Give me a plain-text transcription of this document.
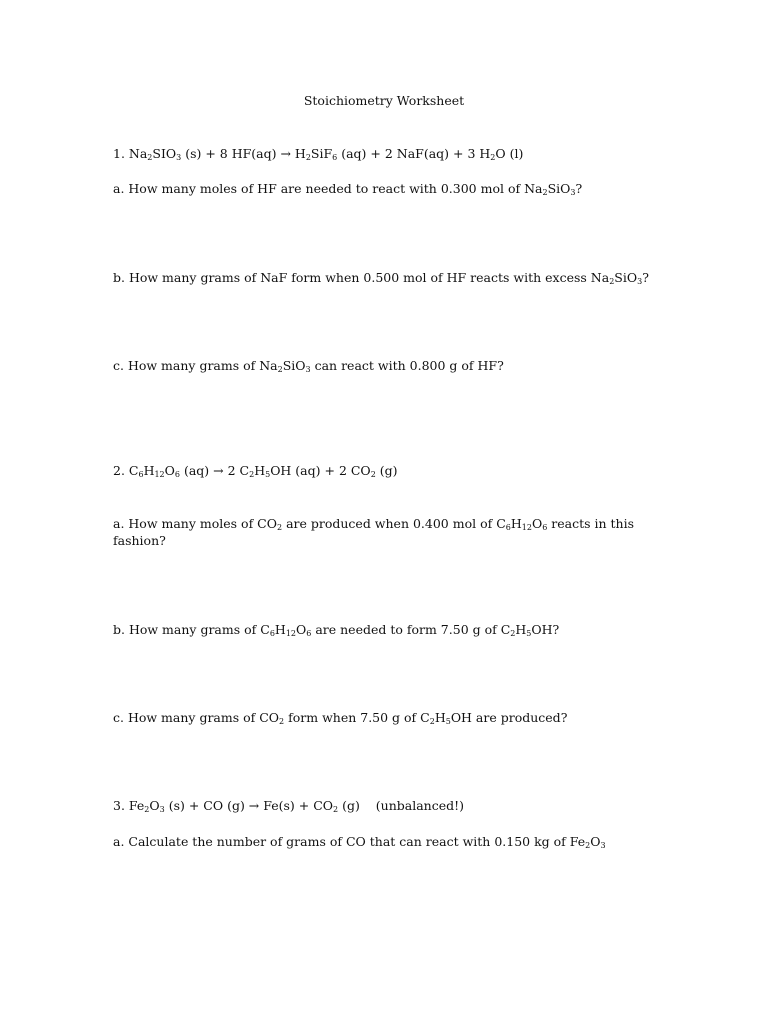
Stoichiometry Worksheet
1. $Na_2SIO_3$ (s) + 8 $HF(aq) \to H_2SiF_6$ (aq) + 2 NaF(aq) + 3 $H_2O$ (l)
a. How many moles of HF are needed to react with 0.300 mol of $Na_2SiO_3$?
b. How many grams of NaF form when 0.500 mol of HF reacts with excess $Na_2SiO_3$?
c. How many grams of $Na_2SiO_3$ can react with 0.800 g of HF?
2. $C_6H_{12}O_6$ (aq) → 2 $C_2H_5OH$ (aq) + 2 $CO_2$ (g)
a. How many moles of $CO_2$ are produced when 0.400 mol of $C_6H_{12}O_6$ reacts in this fashion?
b. How many grams of $C_6H_{12}O_6$ are needed to form 7.50 g of $C_2H_5OH$?
c. How many grams of $CO_2$ form when 7.50 g of $C_2H_5OH$ are produced?
3. $Fe_2O_3$ (s) + CO $(g) \to Fe(s) + CO_2$ (g)    (unbalanced!)
a. Calculate the number of grams of CO that can react with 0.150 kg of $Fe_2O_3$
